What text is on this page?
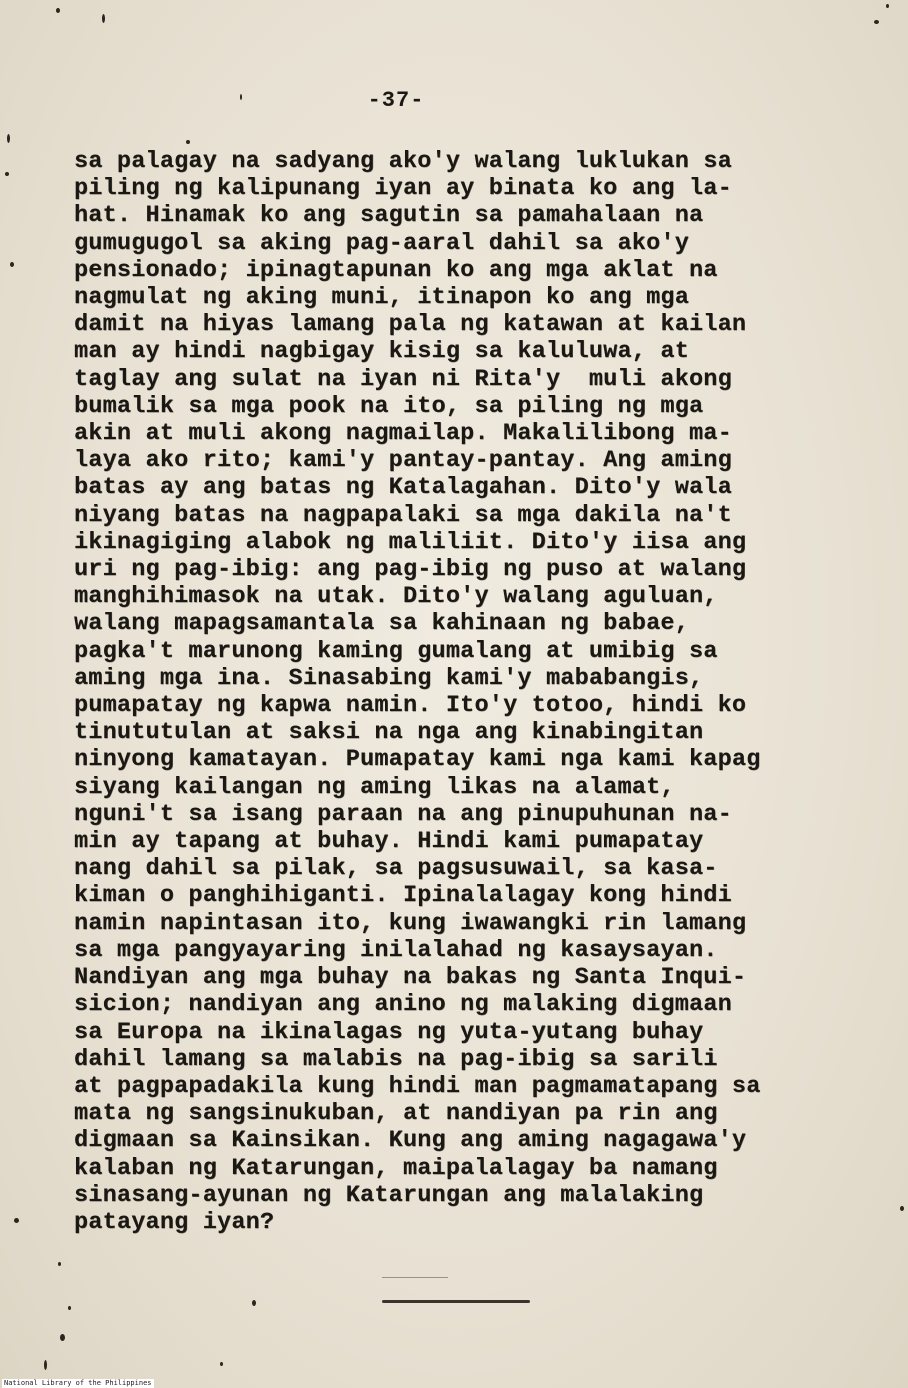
-37-
sa palagay na sadyang ako'y walang luklukan sa
piling ng kalipunang iyan ay binata ko ang la-
hat. Hinamak ko ang sagutin sa pamahalaan na
gumugugol sa aking pag-aaral dahil sa ako'y
pensionado; ipinagtapunan ko ang mga aklat na
nagmulat ng aking muni, itinapon ko ang mga
damit na hiyas lamang pala ng katawan at kailan
man ay hindi nagbigay kisig sa kaluluwa, at
taglay ang sulat na iyan ni Rita'y  muli akong
bumalik sa mga pook na ito, sa piling ng mga
akin at muli akong nagmailap. Makalilibong ma-
laya ako rito; kami'y pantay-pantay. Ang aming
batas ay ang batas ng Katalagahan. Dito'y wala
niyang batas na nagpapalaki sa mga dakila na't
ikinagiging alabok ng maliliit. Dito'y iisa ang
uri ng pag-ibig: ang pag-ibig ng puso at walang
manghihimasok na utak. Dito'y walang aguluan,
walang mapagsamantala sa kahinaan ng babae,
pagka't marunong kaming gumalang at umibig sa
aming mga ina. Sinasabing kami'y mababangis,
pumapatay ng kapwa namin. Ito'y totoo, hindi ko
tinututulan at saksi na nga ang kinabingitan
ninyong kamatayan. Pumapatay kami nga kami kapag
siyang kailangan ng aming likas na alamat,
nguni't sa isang paraan na ang pinupuhunan na-
min ay tapang at buhay. Hindi kami pumapatay
nang dahil sa pilak, sa pagsusuwail, sa kasa-
kiman o panghihiganti. Ipinalalagay kong hindi
namin napintasan ito, kung iwawangki rin lamang
sa mga pangyayaring inilalahad ng kasaysayan.
Nandiyan ang mga buhay na bakas ng Santa Inqui-
sicion; nandiyan ang anino ng malaking digmaan
sa Europa na ikinalagas ng yuta-yutang buhay
dahil lamang sa malabis na pag-ibig sa sarili
at pagpapadakila kung hindi man pagmamatapang sa
mata ng sangsinukuban, at nandiyan pa rin ang
digmaan sa Kainsikan. Kung ang aming nagagawa'y
kalaban ng Katarungan, maipalalagay ba namang
sinasang-ayunan ng Katarungan ang malalaking
patayang iyan?
National Library of the Philippines
